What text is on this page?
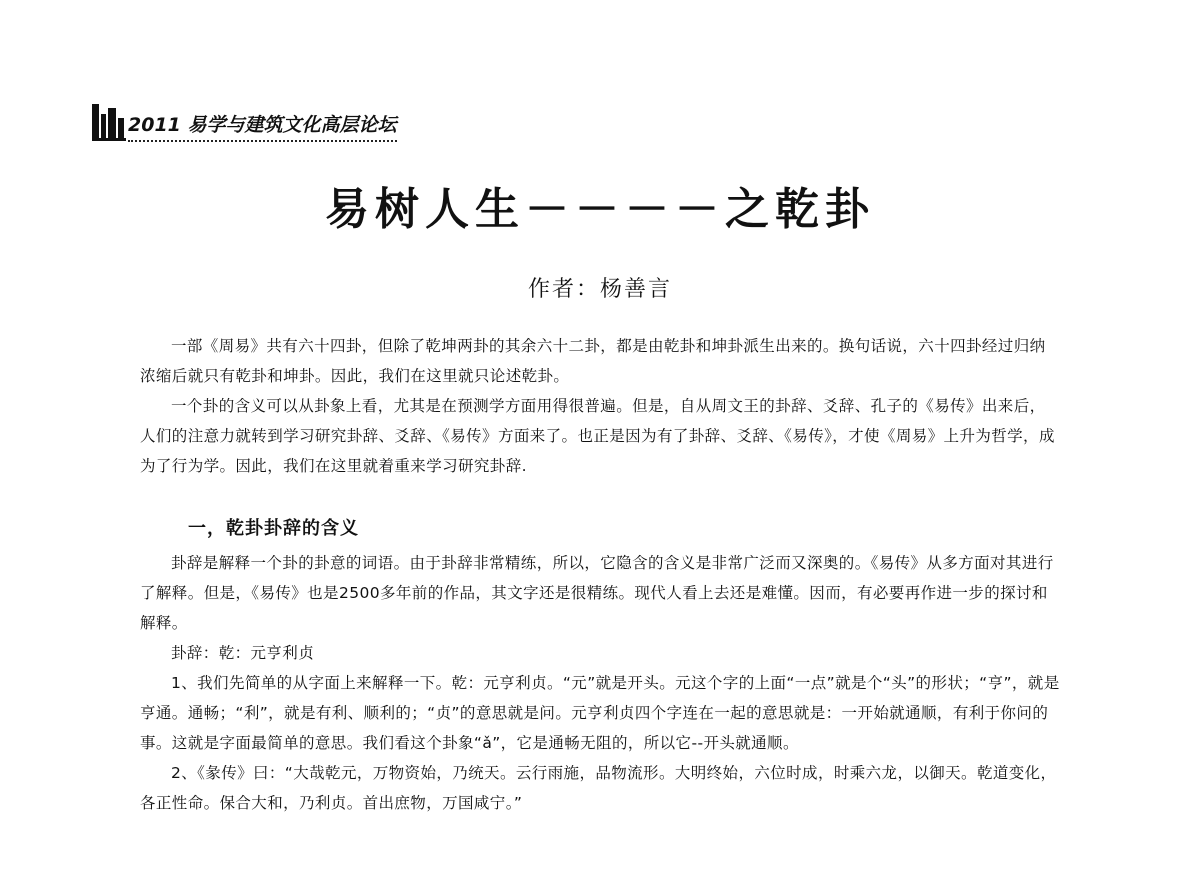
2011 易学与建筑文化高层论坛
易树人生－－－－之乾卦
作者：杨善言

一部《周易》共有六十四卦，但除了乾坤两卦的其余六十二卦，都是由乾卦和坤卦派生出来的。换句话说，六十四卦经过归纳浓缩后就只有乾卦和坤卦。因此，我们在这里就只论述乾卦。

一个卦的含义可以从卦象上看，尤其是在预测学方面用得很普遍。但是，自从周文王的卦辞、爻辞、孔子的《易传》出来后，人们的注意力就转到学习研究卦辞、爻辞、《易传》方面来了。也正是因为有了卦辞、爻辞、《易传》，才使《周易》上升为哲学，成为了行为学。因此，我们在这里就着重来学习研究卦辞.

一，乾卦卦辞的含义

卦辞是解释一个卦的卦意的词语。由于卦辞非常精练，所以，它隐含的含义是非常广泛而又深奥的。《易传》从多方面对其进行了解释。但是，《易传》也是2500多年前的作品，其文字还是很精练。现代人看上去还是难懂。因而，有必要再作进一步的探讨和解释。

卦辞：乾：元亨利贞

1、我们先简单的从字面上来解释一下。乾：元亨利贞。“元”就是开头。元这个字的上面“一点”就是个“头”的形状；“亨”，就是亨通。通畅；“利”，就是有利、顺利的；“贞”的意思就是问。元亨利贞四个字连在一起的意思就是：一开始就通顺，有利于你问的事。这就是字面最简单的意思。我们看这个卦象“ǎ”，它是通畅无阻的，所以它--开头就通顺。

2、《彖传》曰：“大哉乾元，万物资始，乃统天。云行雨施，品物流形。大明终始，六位时成，时乘六龙，以御天。乾道变化，各正性命。保合大和，乃利贞。首出庶物，万国咸宁。”
